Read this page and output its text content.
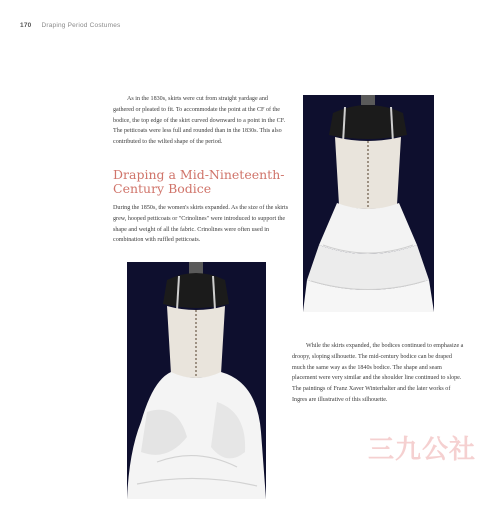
170 Draping Period Costumes

As in the 1830s, skirts were cut from straight yardage and gathered or pleated to fit. To accommodate the point at the CF of the bodice, the top edge of the skirt curved downward to a point in the CF. The petticoats were less full and rounded than in the 1830s. This also contributed to the wilted shape of the period.

Draping a Mid-Nineteenth-Century Bodice

During the 1850s, the women's skirts expanded. As the size of the skirts grew, hooped petticoats or "Crinolines" were introduced to support the shape and weight of all the fabric. Crinolines were often used in combination with ruffled petticoats.

While the skirts expanded, the bodices continued to emphasize a droopy, sloping silhouette. The mid-century bodice can be draped much the same way as the 1840s bodice. The shape and seam placement were very similar and the shoulder line continued to slope. The paintings of Franz Xaver Winterhalter and the later works of Ingres are illustrative of this silhouette.

三九公社
